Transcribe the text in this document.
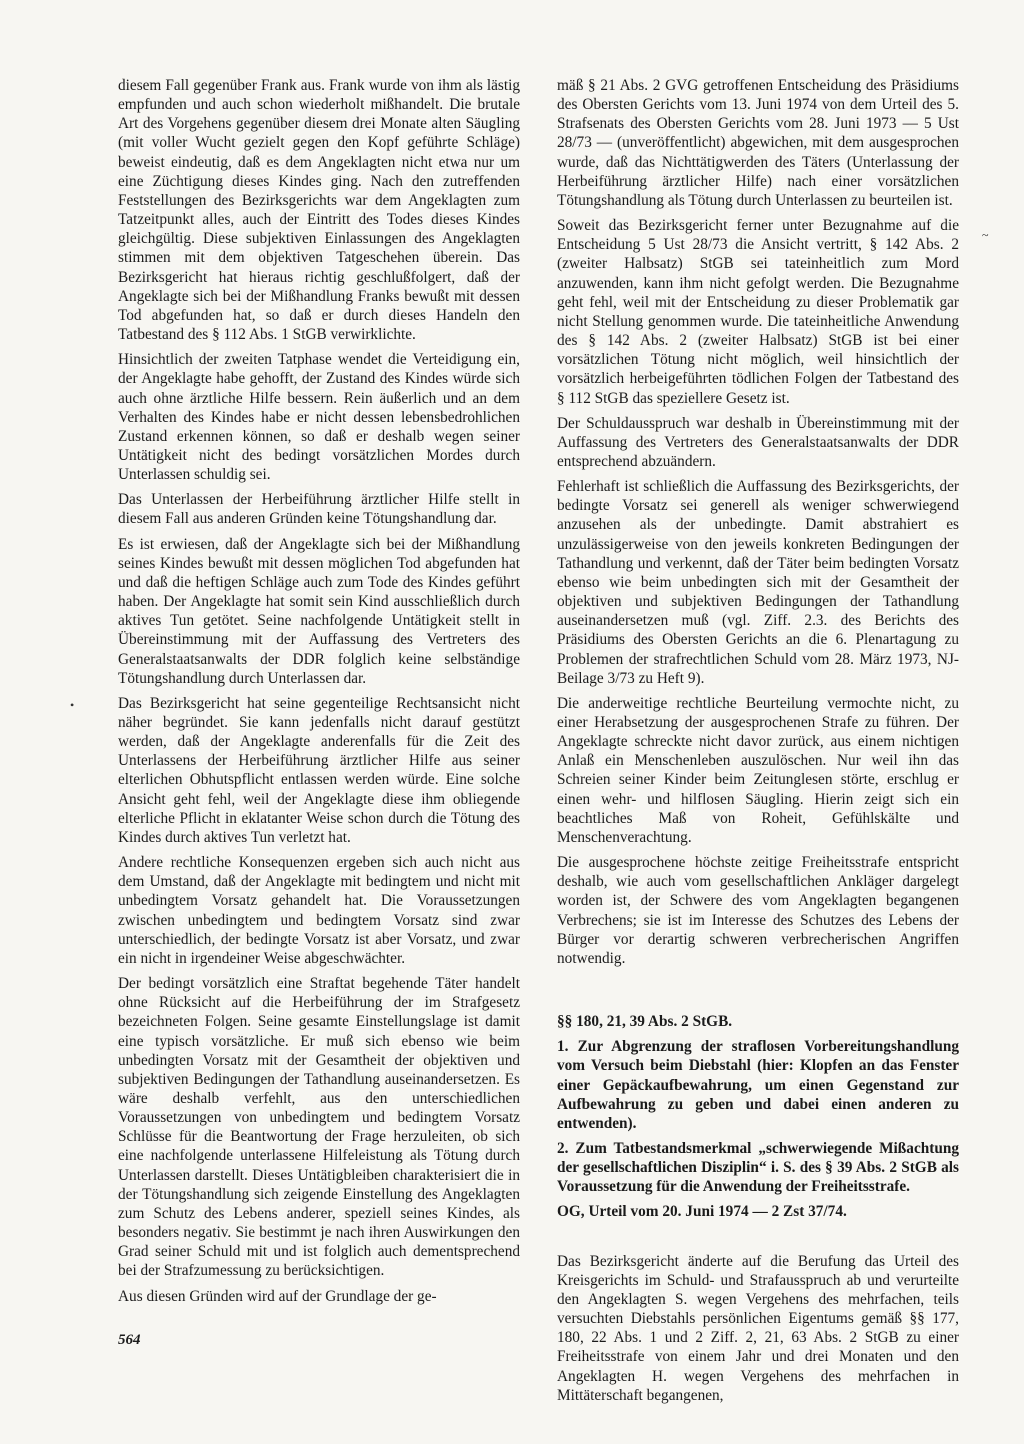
diesem Fall gegenüber Frank aus. Frank wurde von ihm als lästig empfunden und auch schon wiederholt mißhandelt. Die brutale Art des Vorgehens gegenüber diesem drei Monate alten Säugling (mit voller Wucht gezielt gegen den Kopf geführte Schläge) beweist eindeutig, daß es dem Angeklagten nicht etwa nur um eine Züchtigung dieses Kindes ging. Nach den zutreffenden Feststellungen des Bezirksgerichts war dem Angeklagten zum Tatzeitpunkt alles, auch der Eintritt des Todes dieses Kindes gleichgültig. Diese subjektiven Einlassungen des Angeklagten stimmen mit dem objektiven Tatgeschehen überein. Das Bezirksgericht hat hieraus richtig geschlußfolgert, daß der Angeklagte sich bei der Mißhandlung Franks bewußt mit dessen Tod abgefunden hat, so daß er durch dieses Handeln den Tatbestand des § 112 Abs. 1 StGB verwirklichte.

Hinsichtlich der zweiten Tatphase wendet die Verteidigung ein, der Angeklagte habe gehofft, der Zustand des Kindes würde sich auch ohne ärztliche Hilfe bessern. Rein äußerlich und an dem Verhalten des Kindes habe er nicht dessen lebensbedrohlichen Zustand erkennen können, so daß er deshalb wegen seiner Untätigkeit nicht des bedingt vorsätzlichen Mordes durch Unterlassen schuldig sei.

Das Unterlassen der Herbeiführung ärztlicher Hilfe stellt in diesem Fall aus anderen Gründen keine Tötungshandlung dar.

Es ist erwiesen, daß der Angeklagte sich bei der Mißhandlung seines Kindes bewußt mit dessen möglichen Tod abgefunden hat und daß die heftigen Schläge auch zum Tode des Kindes geführt haben. Der Angeklagte hat somit sein Kind ausschließlich durch aktives Tun getötet. Seine nachfolgende Untätigkeit stellt in Übereinstimmung mit der Auffassung des Vertreters des Generalstaatsanwalts der DDR folglich keine selbständige Tötungshandlung durch Unterlassen dar.

Das Bezirksgericht hat seine gegenteilige Rechtsansicht nicht näher begründet. Sie kann jedenfalls nicht darauf gestützt werden, daß der Angeklagte anderenfalls für die Zeit des Unterlassens der Herbeiführung ärztlicher Hilfe aus seiner elterlichen Obhutspflicht entlassen werden würde. Eine solche Ansicht geht fehl, weil der Angeklagte diese ihm obliegende elterliche Pflicht in eklatanter Weise schon durch die Tötung des Kindes durch aktives Tun verletzt hat.

Andere rechtliche Konsequenzen ergeben sich auch nicht aus dem Umstand, daß der Angeklagte mit bedingtem und nicht mit unbedingtem Vorsatz gehandelt hat. Die Voraussetzungen zwischen unbedingtem und bedingtem Vorsatz sind zwar unterschiedlich, der bedingte Vorsatz ist aber Vorsatz, und zwar ein nicht in irgendeiner Weise abgeschwächter.

Der bedingt vorsätzlich eine Straftat begehende Täter handelt ohne Rücksicht auf die Herbeiführung der im Strafgesetz bezeichneten Folgen. Seine gesamte Einstellungslage ist damit eine typisch vorsätzliche. Er muß sich ebenso wie beim unbedingten Vorsatz mit der Gesamtheit der objektiven und subjektiven Bedingungen der Tathandlung auseinandersetzen. Es wäre deshalb verfehlt, aus den unterschiedlichen Voraussetzungen von unbedingtem und bedingtem Vorsatz Schlüsse für die Beantwortung der Frage herzuleiten, ob sich eine nachfolgende unterlassene Hilfeleistung als Tötung durch Unterlassen darstellt. Dieses Untätigbleiben charakterisiert die in der Tötungshandlung sich zeigende Einstellung des Angeklagten zum Schutz des Lebens anderer, speziell seines Kindes, als besonders negativ. Sie bestimmt je nach ihren Auswirkungen den Grad seiner Schuld mit und ist folglich auch dementsprechend bei der Strafzumessung zu berücksichtigen.

Aus diesen Gründen wird auf der Grundlage der ge-

mäß § 21 Abs. 2 GVG getroffenen Entscheidung des Präsidiums des Obersten Gerichts vom 13. Juni 1974 von dem Urteil des 5. Strafsenats des Obersten Gerichts vom 28. Juni 1973 — 5 Ust 28/73 — (unveröffentlicht) abgewichen, mit dem ausgesprochen wurde, daß das Nichttätigwerden des Täters (Unterlassung der Herbeiführung ärztlicher Hilfe) nach einer vorsätzlichen Tötungshandlung als Tötung durch Unterlassen zu beurteilen ist.

Soweit das Bezirksgericht ferner unter Bezugnahme auf die Entscheidung 5 Ust 28/73 die Ansicht vertritt, § 142 Abs. 2 (zweiter Halbsatz) StGB sei tateinheitlich zum Mord anzuwenden, kann ihm nicht gefolgt werden. Die Bezugnahme geht fehl, weil mit der Entscheidung zu dieser Problematik gar nicht Stellung genommen wurde. Die tateinheitliche Anwendung des § 142 Abs. 2 (zweiter Halbsatz) StGB ist bei einer vorsätzlichen Tötung nicht möglich, weil hinsichtlich der vorsätzlich herbeigeführten tödlichen Folgen der Tatbestand des § 112 StGB das speziellere Gesetz ist.

Der Schuldausspruch war deshalb in Übereinstimmung mit der Auffassung des Vertreters des Generalstaatsanwalts der DDR entsprechend abzuändern.

Fehlerhaft ist schließlich die Auffassung des Bezirksgerichts, der bedingte Vorsatz sei generell als weniger schwerwiegend anzusehen als der unbedingte. Damit abstrahiert es unzulässigerweise von den jeweils konkreten Bedingungen der Tathandlung und verkennt, daß der Täter beim bedingten Vorsatz ebenso wie beim unbedingten sich mit der Gesamtheit der objektiven und subjektiven Bedingungen der Tathandlung auseinandersetzen muß (vgl. Ziff. 2.3. des Berichts des Präsidiums des Obersten Gerichts an die 6. Plenartagung zu Problemen der strafrechtlichen Schuld vom 28. März 1973, NJ-Beilage 3/73 zu Heft 9).

Die anderweitige rechtliche Beurteilung vermochte nicht, zu einer Herabsetzung der ausgesprochenen Strafe zu führen. Der Angeklagte schreckte nicht davor zurück, aus einem nichtigen Anlaß ein Menschenleben auszulöschen. Nur weil ihn das Schreien seiner Kinder beim Zeitunglesen störte, erschlug er einen wehr- und hilflosen Säugling. Hierin zeigt sich ein beachtliches Maß von Roheit, Gefühlskälte und Menschenverachtung.

Die ausgesprochene höchste zeitige Freiheitsstrafe entspricht deshalb, wie auch vom gesellschaftlichen Ankläger dargelegt worden ist, der Schwere des vom Angeklagten begangenen Verbrechens; sie ist im Interesse des Schutzes des Lebens der Bürger vor derartig schweren verbrecherischen Angriffen notwendig.

§§ 180, 21, 39 Abs. 2 StGB.

1. Zur Abgrenzung der straflosen Vorbereitungshandlung vom Versuch beim Diebstahl (hier: Klopfen an das Fenster einer Gepäckaufbewahrung, um einen Gegenstand zur Aufbewahrung zu geben und dabei einen anderen zu entwenden).

2. Zum Tatbestandsmerkmal „schwerwiegende Mißachtung der gesellschaftlichen Disziplin“ i. S. des § 39 Abs. 2 StGB als Voraussetzung für die Anwendung der Freiheitsstrafe.

OG, Urteil vom 20. Juni 1974 — 2 Zst 37/74.

Das Bezirksgericht änderte auf die Berufung das Urteil des Kreisgerichts im Schuld- und Strafausspruch ab und verurteilte den Angeklagten S. wegen Vergehens des mehrfachen, teils versuchten Diebstahls persönlichen Eigentums gemäß §§ 177, 180, 22 Abs. 1 und 2 Ziff. 2, 21, 63 Abs. 2 StGB zu einer Freiheitsstrafe von einem Jahr und drei Monaten und den Angeklagten H. wegen Vergehens des mehrfachen in Mittäterschaft begangenen,

564
•
~
